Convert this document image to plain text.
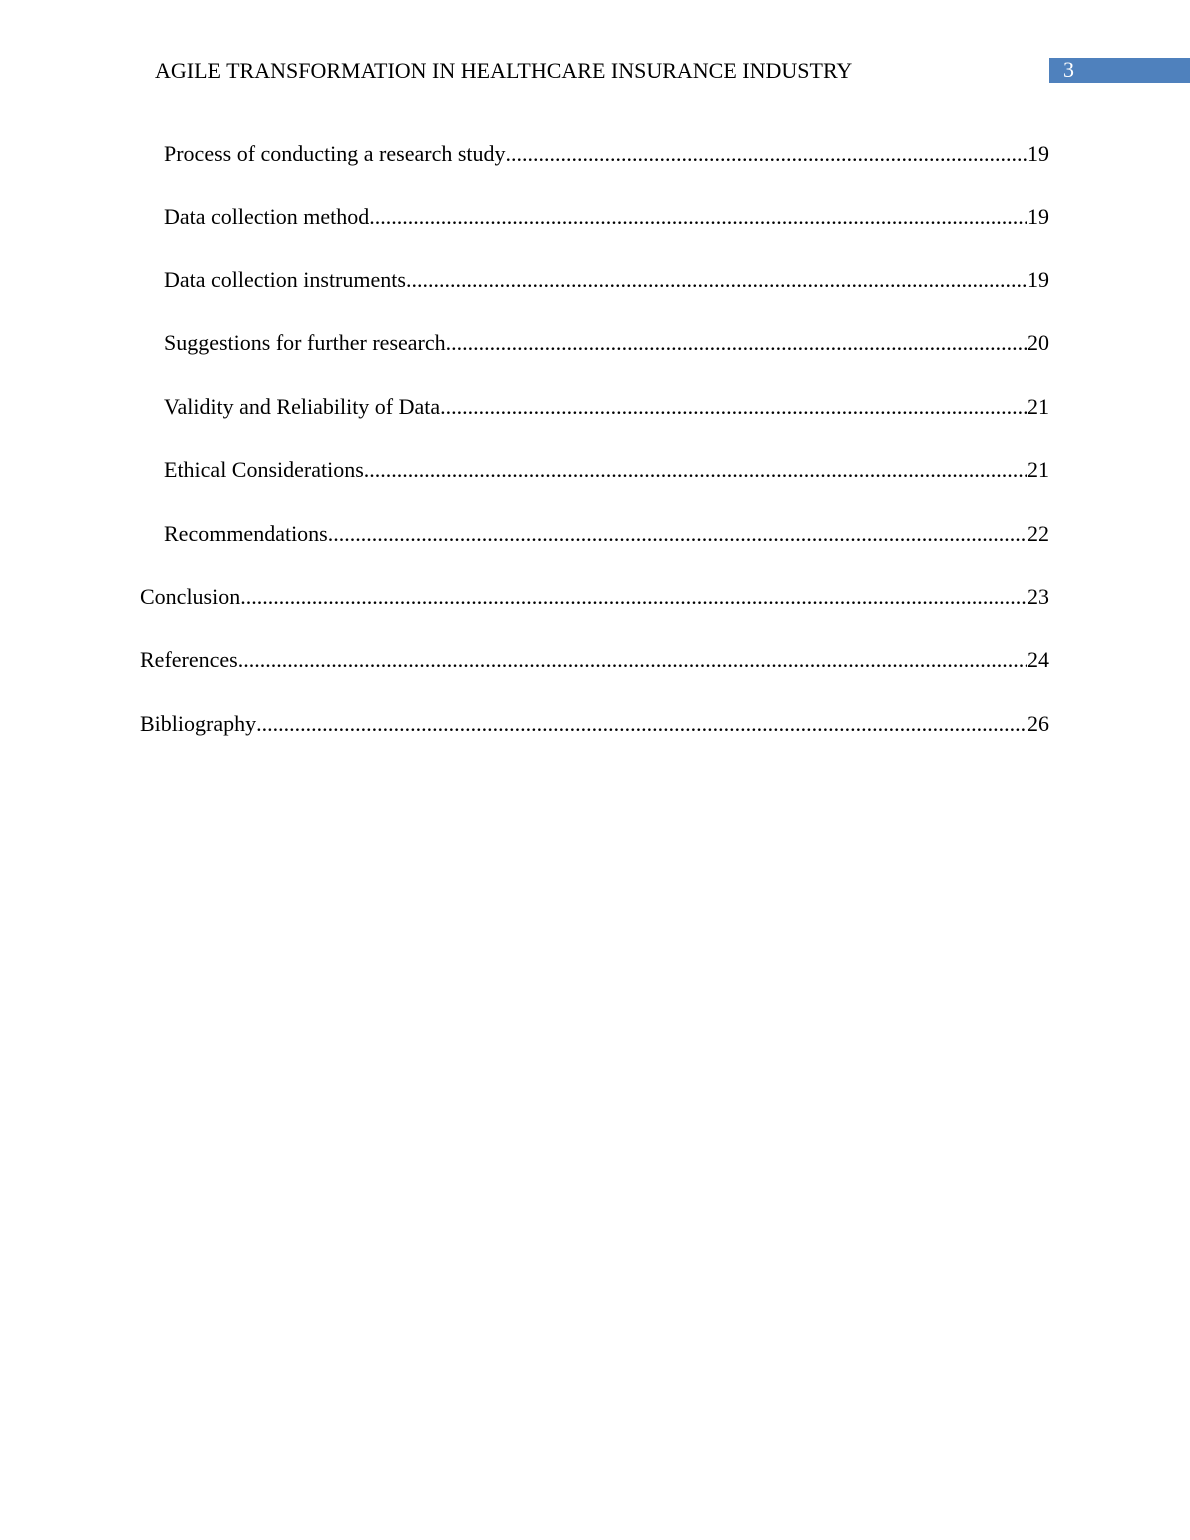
AGILE TRANSFORMATION IN HEALTHCARE INSURANCE INDUSTRY	3
Process of conducting a research study .....	19
Data collection method .....	19
Data collection instruments .....	19
Suggestions for further research .....	20
Validity and Reliability of Data .....	21
Ethical Considerations .....	21
Recommendations .....	22
Conclusion .....	23
References .....	24
Bibliography .....	26
